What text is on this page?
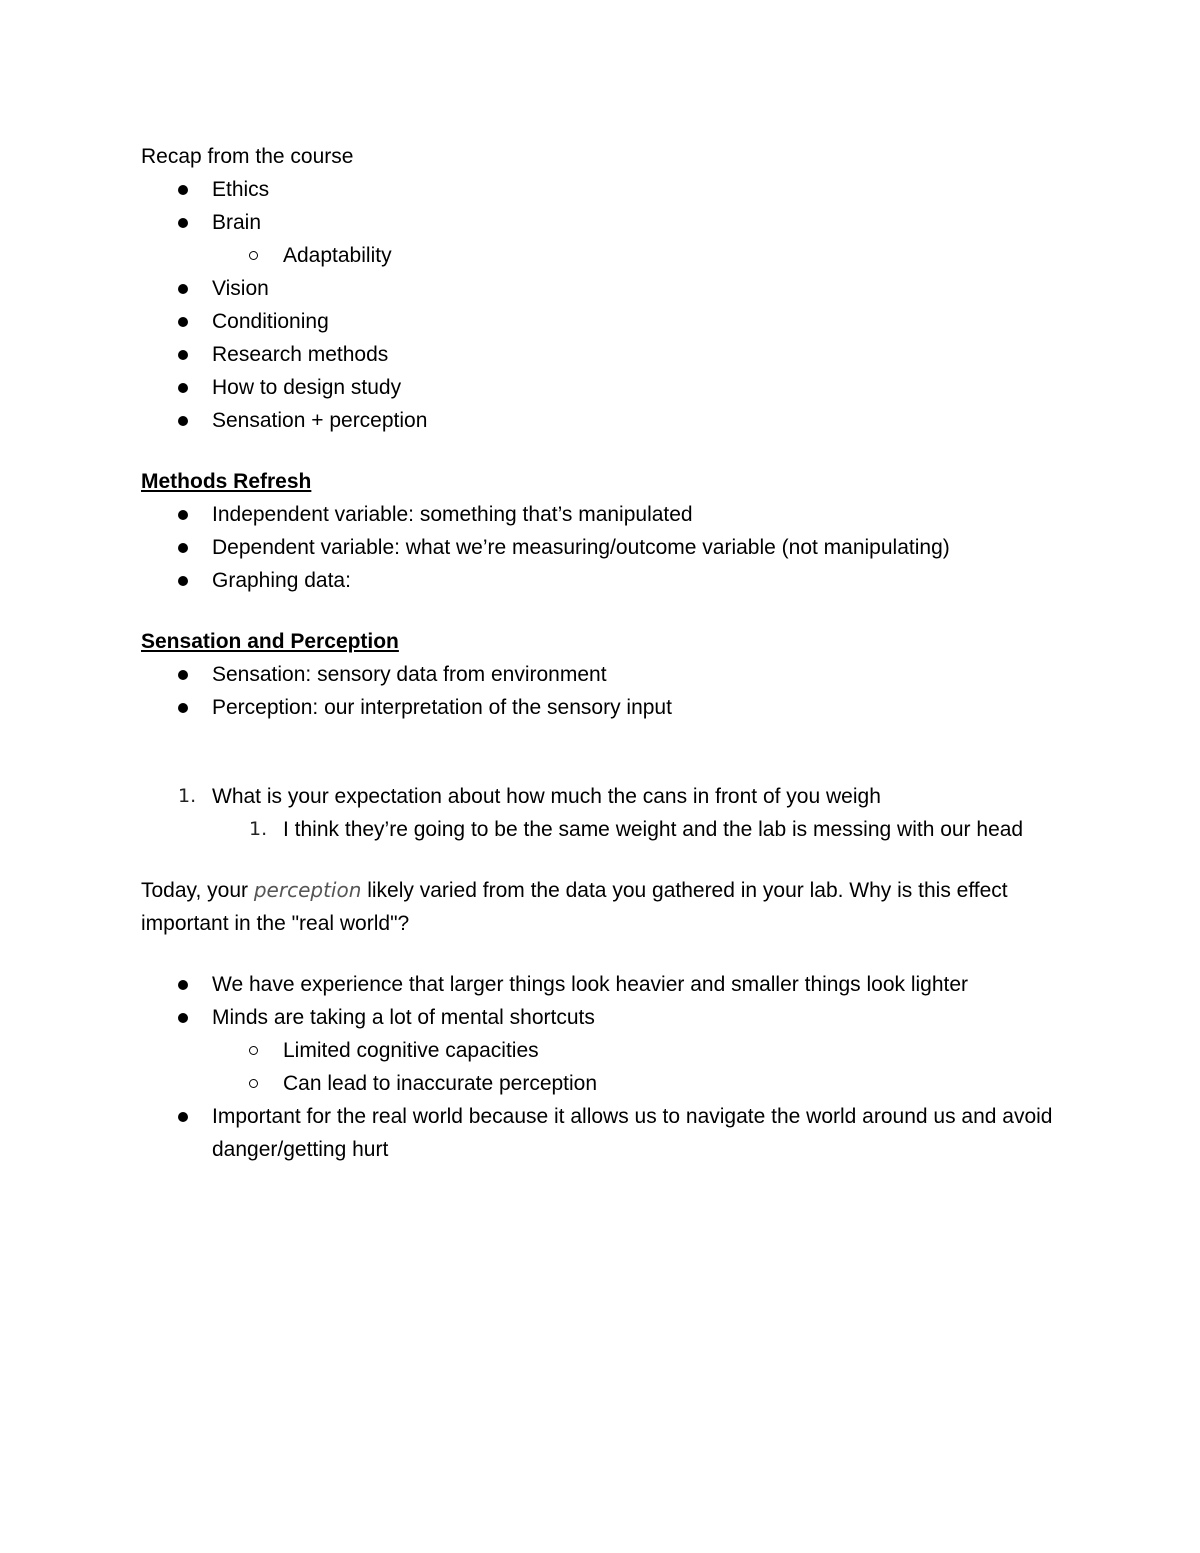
Recap from the course
Ethics
Brain
Adaptability
Vision
Conditioning
Research methods
How to design study
Sensation + perception
Methods Refresh
Independent variable: something that’s manipulated
Dependent variable: what we’re measuring/outcome variable (not manipulating)
Graphing data:
Sensation and Perception
Sensation: sensory data from environment
Perception: our interpretation of the sensory input
1. What is your expectation about how much the cans in front of you weigh
1. I think they’re going to be the same weight and the lab is messing with our head
Today, your perception likely varied from the data you gathered in your lab. Why is this effect important in the "real world"?
We have experience that larger things look heavier and smaller things look lighter
Minds are taking a lot of mental shortcuts
Limited cognitive capacities
Can lead to inaccurate perception
Important for the real world because it allows us to navigate the world around us and avoid danger/getting hurt
